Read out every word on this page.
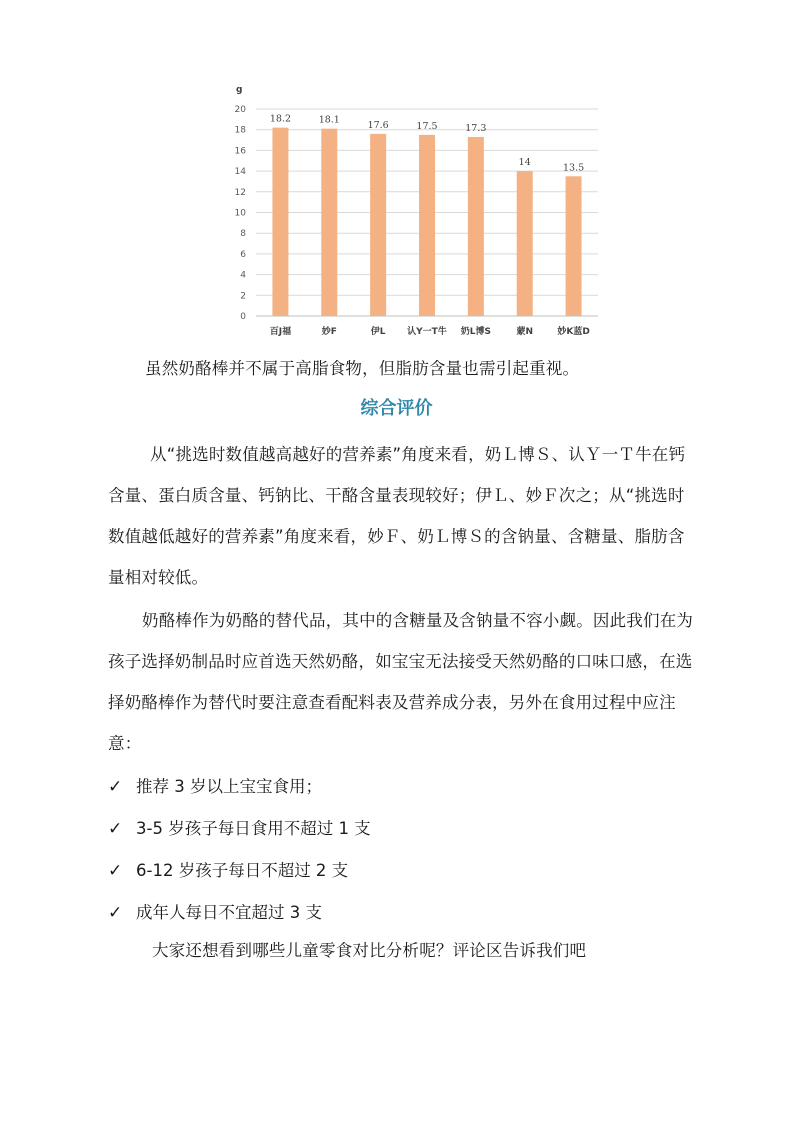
g
0
2
4
6
8
10
12
14
16
18
20
18.2
百J福
18.1
妙F
17.6
伊L
17.5
认Y一T牛
17.3
奶L博S
14
蒙N
13.5
妙K蓝D

虽然奶酪棒并不属于高脂食物，但脂肪含量也需引起重视。

综合评价

从“挑选时数值越高越好的营养素”角度来看，奶Ｌ博Ｓ、认Ｙ一Ｔ牛在钙含量、蛋白质含量、钙钠比、干酪含量表现较好；伊Ｌ、妙Ｆ次之；从“挑选时数值越低越好的营养素”角度来看，妙Ｆ、奶Ｌ博Ｓ的含钠量、含糖量、脂肪含量相对较低。

奶酪棒作为奶酪的替代品，其中的含糖量及含钠量不容小觑。因此我们在为孩子选择奶制品时应首选天然奶酪，如宝宝无法接受天然奶酪的口味口感，在选择奶酪棒作为替代时要注意查看配料表及营养成分表，另外在食用过程中应注意：

✓ 推荐 3 岁以上宝宝食用；
✓ 3-5 岁孩子每日食用不超过 1 支
✓ 6-12 岁孩子每日不超过 2 支
✓ 成年人每日不宜超过 3 支

大家还想看到哪些儿童零食对比分析呢？评论区告诉我们吧
